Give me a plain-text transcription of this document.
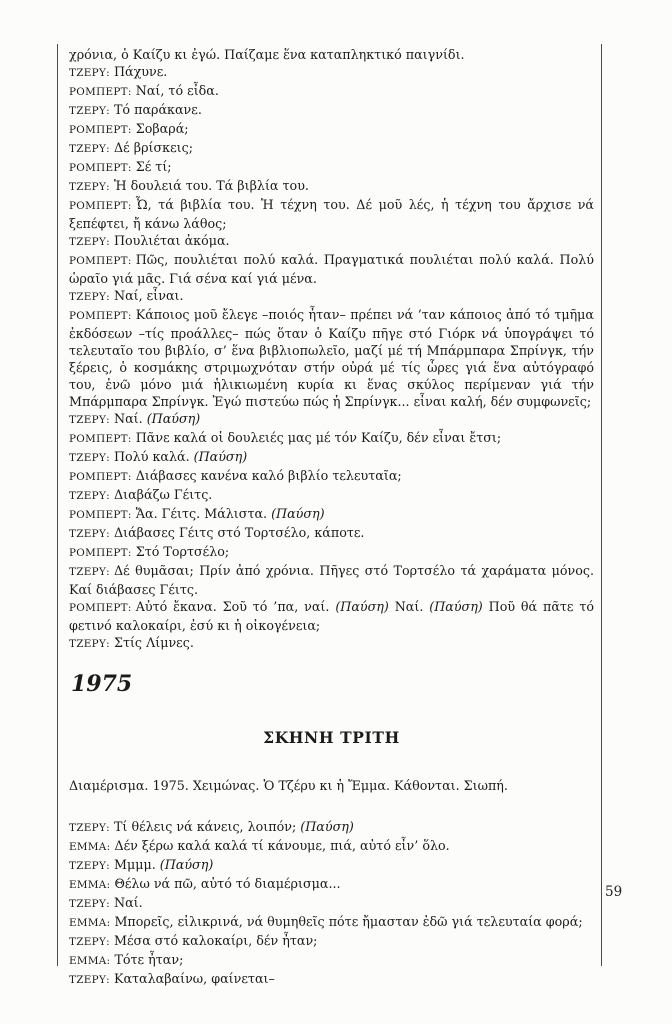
59

χρόνια, ὁ Καίζυ κι ἐγώ. Παίζαμε ἕνα καταπληκτικό παιγνίδι.

ΤΖΕΡΥ: Πάχυνε.

ΡΟΜΠΕΡΤ: Ναί, τό εἶδα.

ΤΖΕΡΥ: Τό παράκανε.

ΡΟΜΠΕΡΤ: Σοβαρά;

ΤΖΕΡΥ: Δέ βρίσκεις;

ΡΟΜΠΕΡΤ: Σέ τί;

ΤΖΕΡΥ: Ἡ δουλειά του. Τά βιβλία του.

ΡΟΜΠΕΡΤ: Ὦ, τά βιβλία του. Ἡ τέχνη του. Δέ μοῦ λές, ἡ τέχνη του ἄρχισε νά ξεπέφτει, ἤ κάνω λάθος;

ΤΖΕΡΥ: Πουλιέται ἀκόμα.

ΡΟΜΠΕΡΤ: Πῶς, πουλιέται πολύ καλά. Πραγματικά πουλιέται πολύ καλά. Πολύ ὡραῖο γιά μᾶς. Γιά σένα καί γιά μένα.

ΤΖΕΡΥ: Ναί, εἶναι.

ΡΟΜΠΕΡΤ: Κάποιος μοῦ ἔλεγε –ποιός ἦταν– πρέπει νά ’ταν κάποιος ἀπό τό τμῆμα ἐκδόσεων –τίς προάλλες– πώς ὅταν ὁ Καίζυ πῆγε στό Γιόρκ νά ὑπογράψει τό τελευταῖο του βιβλίο, σ’ ἕνα βιβλιοπωλεῖο, μαζί μέ τή Μπάρμπαρα Σπρίνγκ, τήν ξέρεις, ὁ κοσμάκης στριμωχνόταν στήν οὐρά μέ τίς ὧρες γιά ἕνα αὐτόγραφό του, ἐνῶ μόνο μιά ἡλικιωμένη κυρία κι ἕνας σκύλος περίμεναν γιά τήν Μπάρμπαρα Σπρίνγκ. Ἐγώ πιστεύω πώς ἡ Σπρίνγκ... εἶναι καλή, δέν συμφωνεῖς;

ΤΖΕΡΥ: Ναί. (Παύση)

ΡΟΜΠΕΡΤ: Πᾶνε καλά οἱ δουλειές μας μέ τόν Καίζυ, δέν εἶναι ἔτσι;

ΤΖΕΡΥ: Πολύ καλά. (Παύση)

ΡΟΜΠΕΡΤ: Διάβασες κανένα καλό βιβλίο τελευταῖα;

ΤΖΕΡΥ: Διαβάζω Γέιτς.

ΡΟΜΠΕΡΤ: Ἄα. Γέιτς. Μάλιστα. (Παύση)

ΤΖΕΡΥ: Διάβασες Γέιτς στό Τορτσέλο, κάποτε.

ΡΟΜΠΕΡΤ: Στό Τορτσέλο;

ΤΖΕΡΥ: Δέ θυμᾶσαι; Πρίν ἀπό χρόνια. Πῆγες στό Τορτσέλο τά χαράματα μόνος. Καί διάβασες Γέιτς.

ΡΟΜΠΕΡΤ: Αὐτό ἔκανα. Σοῦ τό ’πα, ναί. (Παύση) Ναί. (Παύση) Ποῦ θά πᾶτε τό φετινό καλοκαίρι, ἐσύ κι ἡ οἰκογένεια;

ΤΖΕΡΥ: Στίς Λίμνες.

1975
ΣΚΗΝΗ ΤΡΙΤΗ
Διαμέρισμα. 1975. Χειμώνας. Ὁ Τζέρυ κι ἡ Ἔμμα. Κάθονται. Σιωπή.

ΤΖΕΡΥ: Τί θέλεις νά κάνεις, λοιπόν; (Παύση)

ΕΜΜΑ: Δέν ξέρω καλά καλά τί κάνουμε, πιά, αὐτό εἶν’ ὅλο.

ΤΖΕΡΥ: Μμμμ. (Παύση)

ΕΜΜΑ: Θέλω νά πῶ, αὐτό τό διαμέρισμα...

ΤΖΕΡΥ: Ναί.

ΕΜΜΑ: Μπορεῖς, εἰλικρινά, νά θυμηθεῖς πότε ἤμασταν ἐδῶ γιά τελευταία φορά;

ΤΖΕΡΥ: Μέσα στό καλοκαίρι, δέν ἦταν;

ΕΜΜΑ: Τότε ἦταν;

ΤΖΕΡΥ: Καταλαβαίνω, φαίνεται–
